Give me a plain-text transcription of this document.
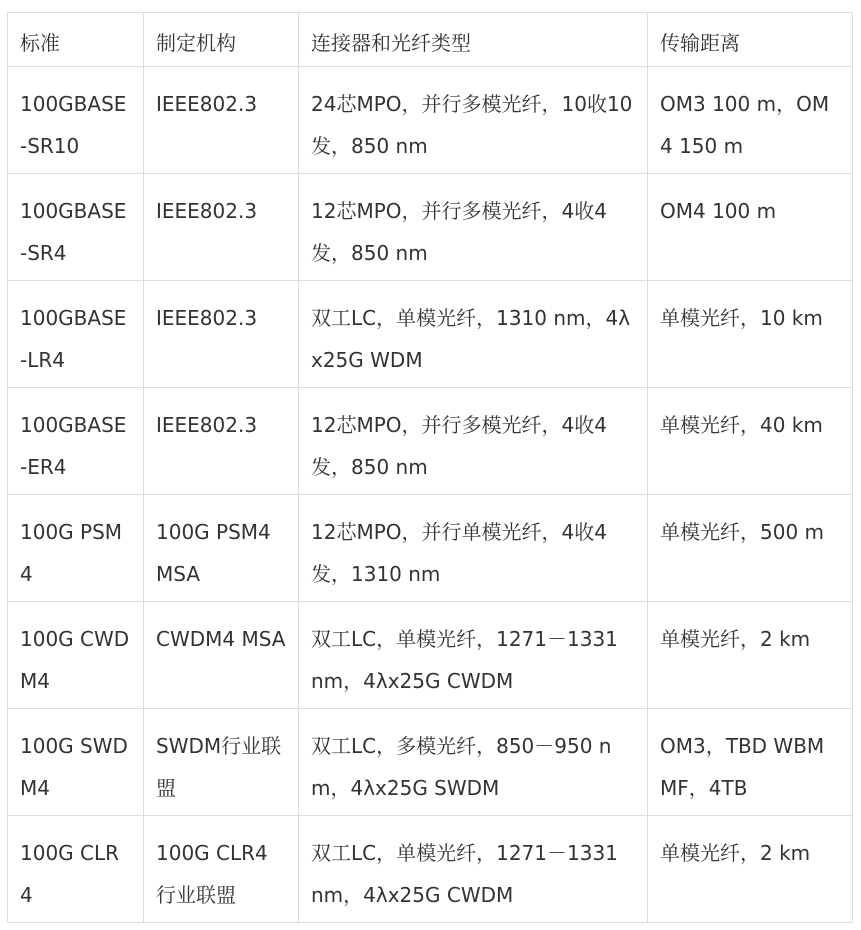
标准	制定机构	连接器和光纤类型	传输距离
100GBASE-SR10	IEEE802.3	24芯MPO，并行多模光纤，10收10发，850 nm	OM3 100 m，OM4 150 m
100GBASE-SR4	IEEE802.3	12芯MPO，并行多模光纤，4收4发，850 nm	OM4 100 m
100GBASE-LR4	IEEE802.3	双工LC，单模光纤，1310 nm，4λx25G WDM	单模光纤，10 km
100GBASE-ER4	IEEE802.3	12芯MPO，并行多模光纤，4收4发，850 nm	单模光纤，40 km
100G PSM4	100G PSM4 MSA	12芯MPO，并行单模光纤，4收4发，1310 nm	单模光纤，500 m
100G CWDM4	CWDM4 MSA	双工LC，单模光纤，1271－1331 nm，4λx25G CWDM	单模光纤，2 km
100G SWDM4	SWDM行业联盟	双工LC，多模光纤，850－950 nm，4λx25G SWDM	OM3，TBD WBMMF，4TB
100G CLR4	100G CLR4行业联盟	双工LC，单模光纤，1271－1331 nm，4λx25G CWDM	单模光纤，2 km
